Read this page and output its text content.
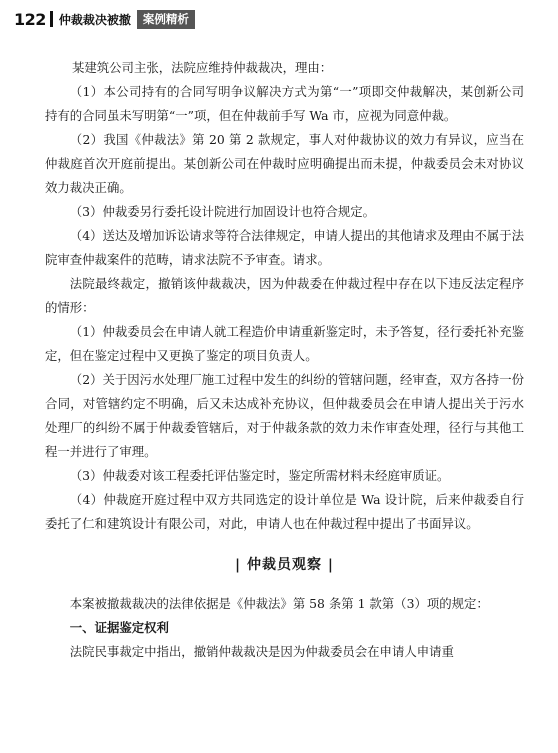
122 仲裁裁决被撤	案例精析

某建筑公司主张，法院应维持仲裁裁决，理由：

（1）本公司持有的合同写明争议解决方式为第“一”项即交仲裁解决，某创新公司持有的合同虽未写明第“一”项，但在仲裁前手写 Wa 市，应视为同意仲裁。

（2）我国《仲裁法》第 20 第 2 款规定，事人对仲裁协议的效力有异议，应当在仲裁庭首次开庭前提出。某创新公司在仲裁时应明确提出而未提，仲裁委员会未对协议效力裁决正确。

（3）仲裁委另行委托设计院进行加固设计也符合规定。

（4）送达及增加诉讼请求等符合法律规定，申请人提出的其他请求及理由不属于法院审查仲裁案件的范畴，请求法院不予审查。请求。

法院最终裁定，撤销该仲裁裁决，因为仲裁委在仲裁过程中存在以下违反法定程序的情形：

（1）仲裁委员会在申请人就工程造价申请重新鉴定时，未予答复，径行委托补充鉴定，但在鉴定过程中又更换了鉴定的项目负责人。

（2）关于因污水处理厂施工过程中发生的纠纷的管辖问题，经审查，双方各持一份合同，对管辖约定不明确，后又未达成补充协议，但仲裁委员会在申请人提出关于污水处理厂的纠纷不属于仲裁委管辖后，对于仲裁条款的效力未作审查处理，径行与其他工程一并进行了审理。

（3）仲裁委对该工程委托评估鉴定时，鉴定所需材料未经庭审质证。

（4）仲裁庭开庭过程中双方共同选定的设计单位是 Wa 设计院，后来仲裁委自行委托了仁和建筑设计有限公司，对此，申请人也在仲裁过程中提出了书面异议。

| 仲裁员观察 |

本案被撤裁裁决的法律依据是《仲裁法》第 58 条第 1 款第（3）项的规定：

一、证据鉴定权利

法院民事裁定中指出，撤销仲裁裁决是因为仲裁委员会在申请人申请重
